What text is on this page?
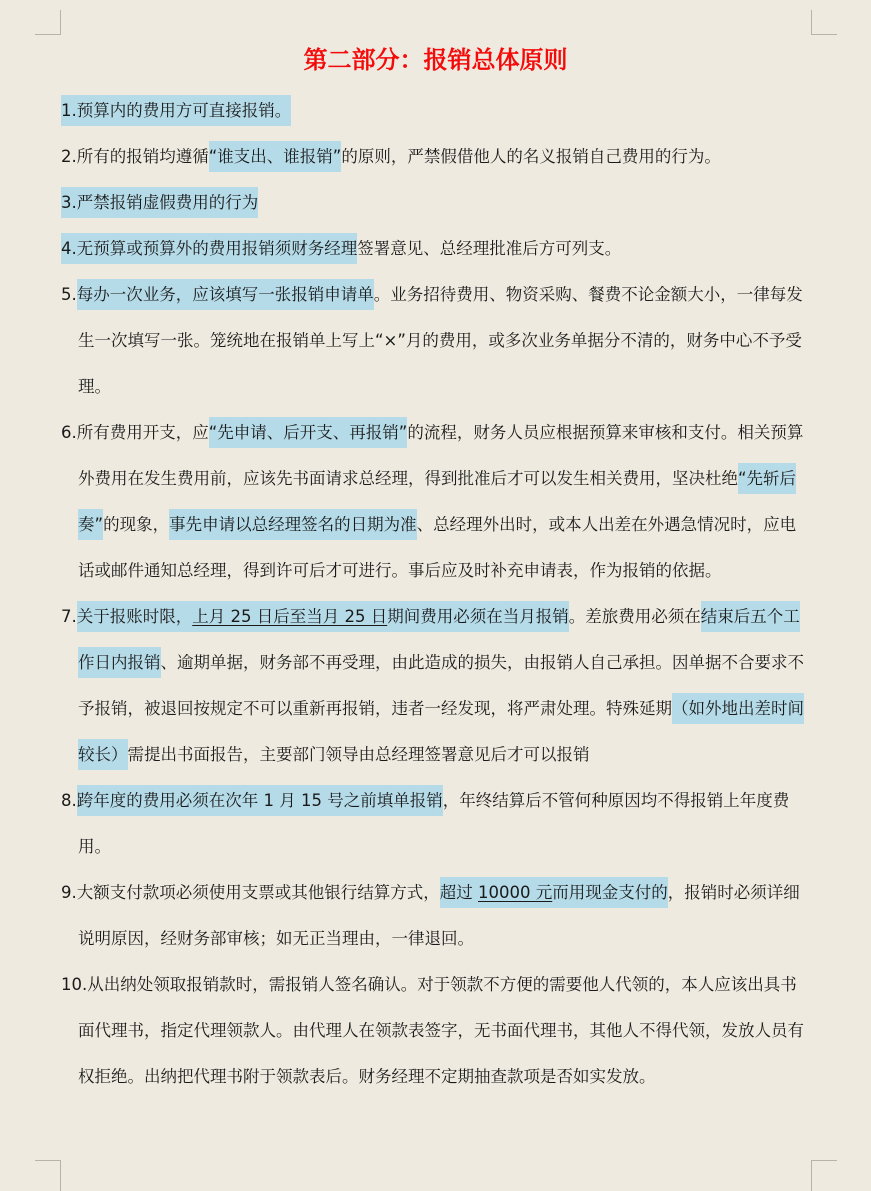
第二部分：报销总体原则

1.预算内的费用方可直接报销。

2.所有的报销均遵循“谁支出、谁报销”的原则，严禁假借他人的名义报销自己费用的行为。

3.严禁报销虚假费用的行为

4.无预算或预算外的费用报销须财务经理签署意见、总经理批准后方可列支。

5.每办一次业务，应该填写一张报销申请单。业务招待费用、物资采购、餐费不论金额大小，一律每发生一次填写一张。笼统地在报销单上写上“×”月的费用，或多次业务单据分不清的，财务中心不予受理。

6.所有费用开支，应“先申请、后开支、再报销”的流程，财务人员应根据预算来审核和支付。相关预算外费用在发生费用前，应该先书面请求总经理，得到批准后才可以发生相关费用，坚决杜绝“先斩后奏”的现象，事先申请以总经理签名的日期为准、总经理外出时，或本人出差在外遇急情况时，应电话或邮件通知总经理，得到许可后才可进行。事后应及时补充申请表，作为报销的依据。

7.关于报账时限，上月 25 日后至当月 25 日期间费用必须在当月报销。差旅费用必须在结束后五个工作日内报销、逾期单据，财务部不再受理，由此造成的损失，由报销人自己承担。因单据不合要求不予报销，被退回按规定不可以重新再报销，违者一经发现，将严肃处理。特殊延期（如外地出差时间较长）需提出书面报告，主要部门领导由总经理签署意见后才可以报销

8.跨年度的费用必须在次年 1 月 15 号之前填单报销，年终结算后不管何种原因均不得报销上年度费用。

9.大额支付款项必须使用支票或其他银行结算方式，超过 10000 元而用现金支付的，报销时必须详细说明原因，经财务部审核；如无正当理由，一律退回。

10.从出纳处领取报销款时，需报销人签名确认。对于领款不方便的需要他人代领的，本人应该出具书面代理书，指定代理领款人。由代理人在领款表签字，无书面代理书，其他人不得代领，发放人员有权拒绝。出纳把代理书附于领款表后。财务经理不定期抽查款项是否如实发放。
